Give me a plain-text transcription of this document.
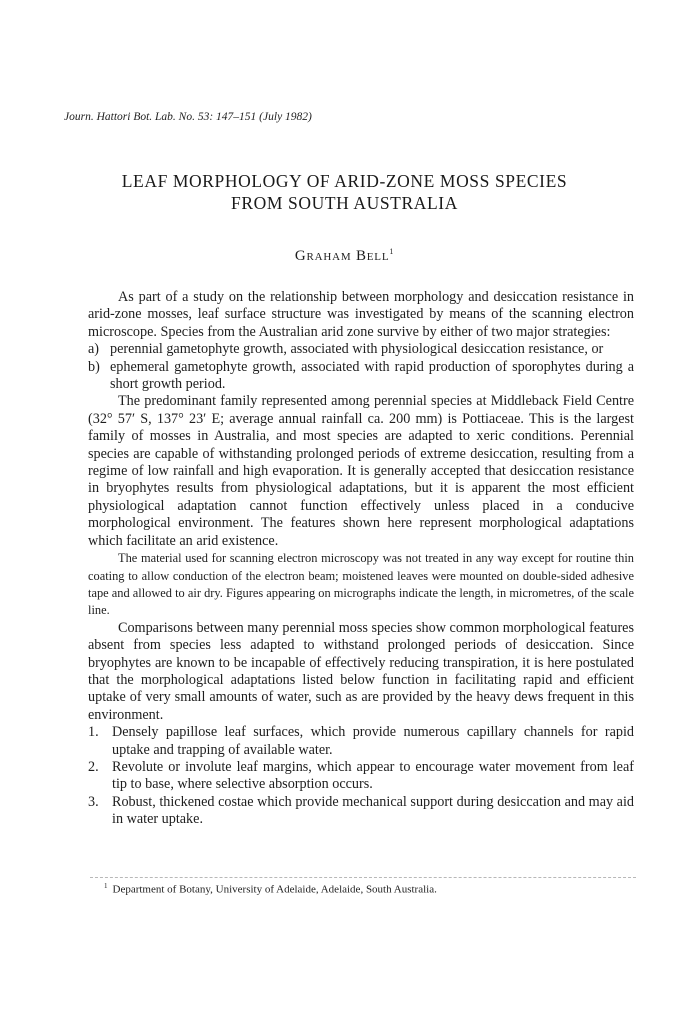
Journ. Hattori Bot. Lab. No. 53: 147–151 (July 1982)
LEAF MORPHOLOGY OF ARID-ZONE MOSS SPECIES
FROM SOUTH AUSTRALIA
Graham Bell$^1$

As part of a study on the relationship between morphology and desiccation resistance in arid-zone mosses, leaf surface structure was investigated by means of the scanning electron microscope. Species from the Australian arid zone survive by either of two major strategies:

a) perennial gametophyte growth, associated with physiological desiccation resistance, or
b) ephemeral gametophyte growth, associated with rapid production of sporophytes during a short growth period.

The predominant family represented among perennial species at Middleback Field Centre (32° 57′ S, 137° 23′ E; average annual rainfall ca. 200 mm) is Pottiaceae. This is the largest family of mosses in Australia, and most species are adapted to xeric conditions. Perennial species are capable of withstanding prolonged periods of extreme desiccation, resulting from a regime of low rainfall and high evaporation. It is generally accepted that desiccation resistance in bryophytes results from physiological adaptations, but it is apparent the most efficient physiological adaptation cannot function effectively unless placed in a conducive morphological environment. The features shown here represent morphological adaptations which facilitate an arid existence.

The material used for scanning electron microscopy was not treated in any way except for routine thin coating to allow conduction of the electron beam; moistened leaves were mounted on double-sided adhesive tape and allowed to air dry. Figures appearing on micrographs indicate the length, in micrometres, of the scale line.

Comparisons between many perennial moss species show common morphological features absent from species less adapted to withstand prolonged periods of desiccation. Since bryophytes are known to be incapable of effectively reducing transpiration, it is here postulated that the morphological adaptations listed below function in facilitating rapid and efficient uptake of very small amounts of water, such as are provided by the heavy dews frequent in this environment.

1. Densely papillose leaf surfaces, which provide numerous capillary channels for rapid uptake and trapping of available water.
2. Revolute or involute leaf margins, which appear to encourage water movement from leaf tip to base, where selective absorption occurs.
3. Robust, thickened costae which provide mechanical support during desiccation and may aid in water uptake.
$^1$ Department of Botany, University of Adelaide, Adelaide, South Australia.
